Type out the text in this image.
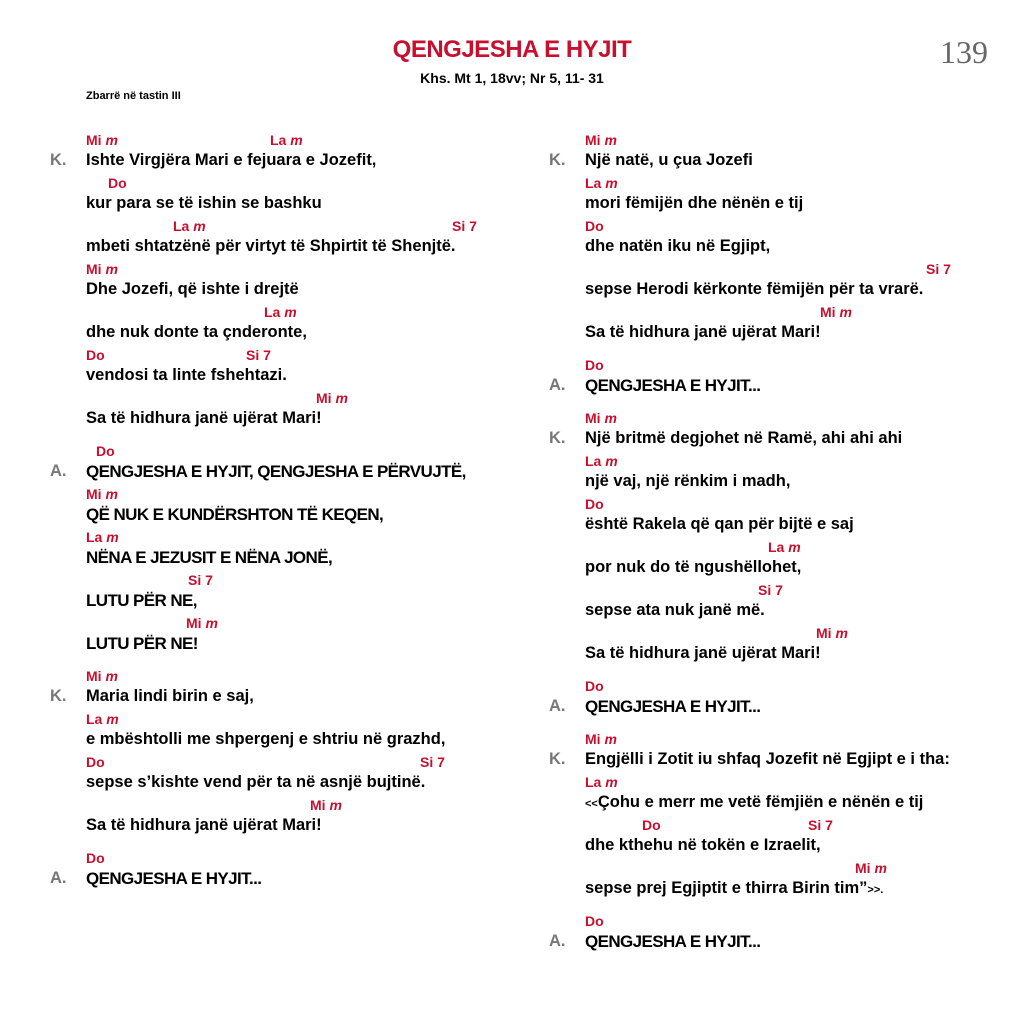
QENGJESHA E HYJIT
Khs. Mt 1, 18vv; Nr 5, 11- 31
139
Zbarrë në tastin III
Mi m	La m
K. Ishte Virgjëra Mari e fejuara e Jozefit,
Do
kur para se të ishin se bashku
La m	Si 7
mbeti shtatzënë për virtyt të Shpirtit të Shenjtë.
Mi m
Dhe Jozefi, që ishte i drejtë
La m
dhe nuk donte ta çnderonte,
Do	Si 7
vendosi ta linte fshehtazi.
Mi m
Sa të hidhura janë ujërat Mari!
Do
A. QENGJESHA E HYJIT, QENGJESHA E PËRVUJTË,
Mi m
QË NUK E KUNDËRSHTON TË KEQEN,
La m
NËNA E JEZUSIT E NËNA JONË,
Si 7
LUTU PËR NE,
Mi m
LUTU PËR NE!
Mi m
K. Maria lindi birin e saj,
La m
e mbështolli me shpergenj e shtriu në grazhd,
Do	Si 7
sepse s’kishte vend për ta në asnjë bujtinë.
Mi m
Sa të hidhura janë ujërat Mari!
Do
A. QENGJESHA E HYJIT...
Mi m
K. Një natë, u çua Jozefi
La m
mori fëmijën dhe nënën e tij
Do
dhe natën iku në Egjipt,
Si 7
sepse Herodi kërkonte fëmijën për ta vrarë.
Mi m
Sa të hidhura janë ujërat Mari!
Do
A. QENGJESHA E HYJIT...
Mi m
K. Një britmë degjohet në Ramë, ahi ahi ahi
La m
një vaj, një rënkim i madh,
Do
është Rakela që qan për bijtë e saj
La m
por nuk do të ngushëllohet,
Si 7
sepse ata nuk janë më.
Mi m
Sa të hidhura janë ujërat Mari!
Do
A. QENGJESHA E HYJIT...
Mi m
K. Engjëlli i Zotit iu shfaq Jozefit në Egjipt e i tha:
La m
<<Çohu e merr me vetë fëmjiën e nënën e tij
Do	Si 7
dhe kthehu në tokën e Izraelit,
Mi m
sepse prej Egjiptit e thirra Birin tim”>>.
Do
A. QENGJESHA E HYJIT...
